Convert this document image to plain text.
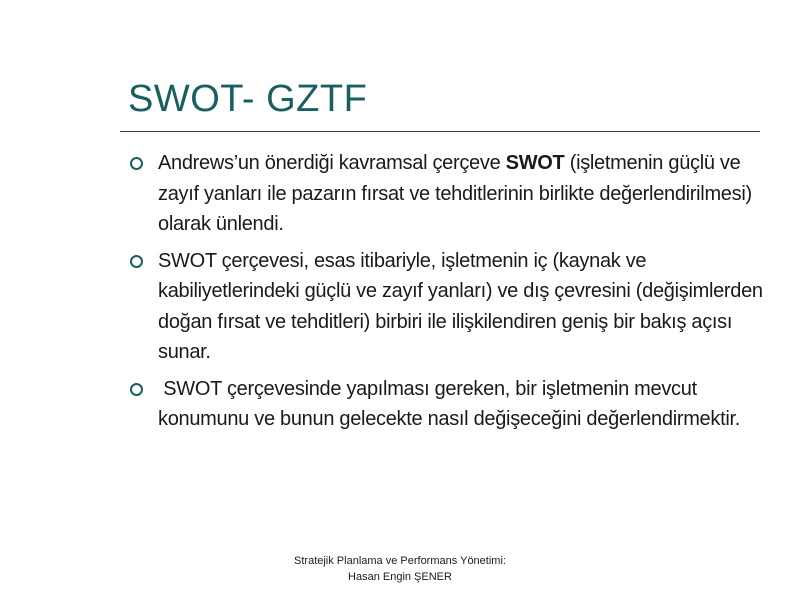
SWOT- GZTF
Andrews’un önerdiği kavramsal çerçeve SWOT (işletmenin güçlü ve zayıf yanları ile pazarın fırsat ve tehditlerinin birlikte değerlendirilmesi) olarak ünlendi.
SWOT çerçevesi, esas itibariyle, işletmenin iç (kaynak ve kabiliyetlerindeki güçlü ve zayıf yanları) ve dış çevresini (değişimlerden doğan fırsat ve tehditleri) birbiri ile ilişkilendiren geniş bir bakış açısı sunar.
SWOT çerçevesinde yapılması gereken, bir işletmenin mevcut konumunu ve bunun gelecekte nasıl değişeceğini değerlendirmektir.
Stratejik Planlama ve Performans Yönetimi:
Hasan Engin ŞENER
